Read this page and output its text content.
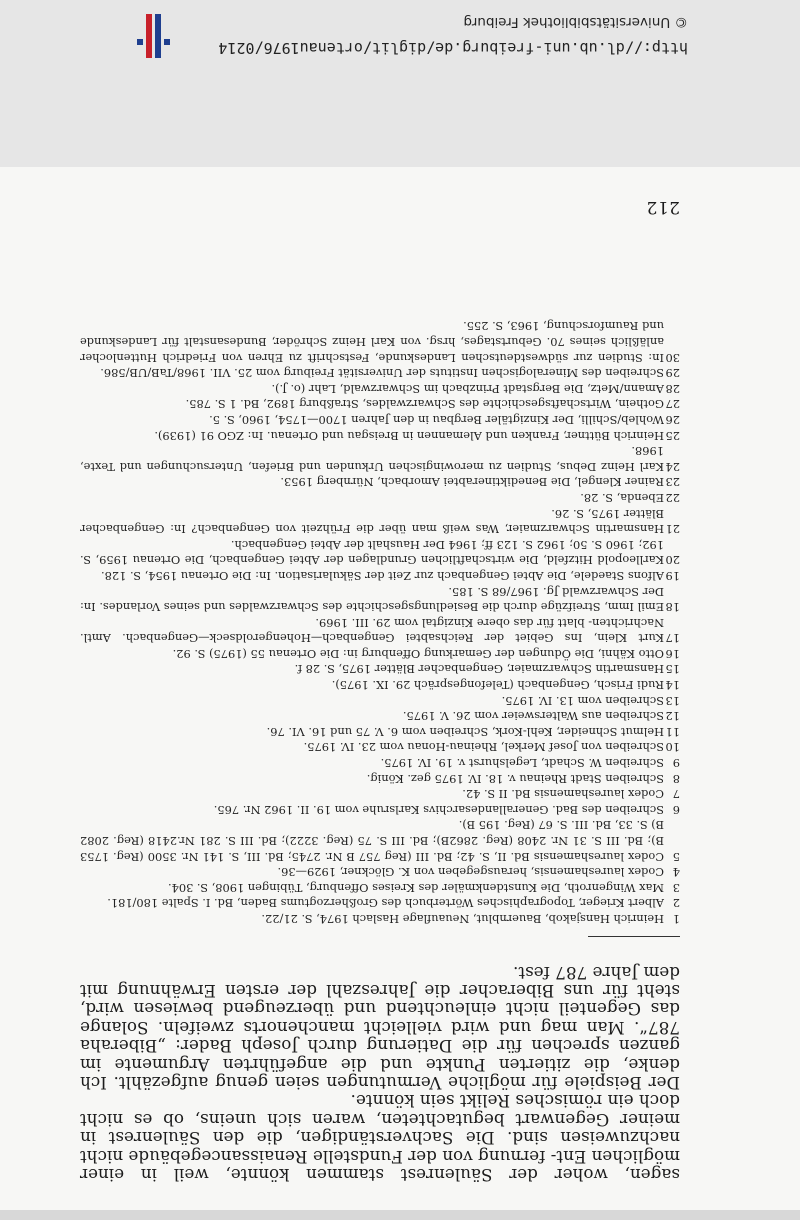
212

sagen, woher der Säulenrest stammen könnte, weil in einer möglichen Ent- fernung von der Fundstelle Renaissancegebäude nicht nachzuweisen sind. Die Sachverständigen, die den Säulenrest in meiner Gegenwart begutachteten, waren sich uneins, ob es nicht doch ein römisches Relikt sein könnte.

Der Beispiele für mögliche Vermutungen seien genug aufgezählt. Ich denke, die zitierten Punkte und die angeführten Argumente im ganzen sprechen für die Datierung durch Joseph Bader: „Biberaha 787“. Man mag und wird vielleicht manchenorts zweifeln. Solange das Gegenteil nicht einleuchtend und überzeugend bewiesen wird, steht für uns Biberacher die Jahreszahl der ersten Erwähnung mit dem Jahre 787 fest.

1Heinrich Hansjakob, Bauernblut, Neuauflage Haslach 1974, S. 21/22.
2Albert Krieger, Topographisches Wörterbuch des Großherzogtums Baden, Bd. I. Spalte 180/181.
3Max Wingenroth, Die Kunstdenkmäler des Kreises Offenburg, Tübingen 1908, S. 304.
4Codex laureshamensis, herausgegeben von K. Glöckner, 1929—36.
5Codex laureshamensis Bd. II, S. 42; Bd. III (Reg 757 B Nr. 2745; Bd. III, S. 141 Nr. 3500 (Reg. 1753 B); Bd. III S. 31 Nr. 2408 (Reg. 2862B); Bd. III S. 75 (Reg. 3222); Bd. III S. 281 Nr.2418 (Reg. 2082 B) S. 33, Bd. III. S. 67 (Reg. 195 B).
6Schreiben des Bad. Generallandesarchivs Karlsruhe vom 19. II. 1962 Nr. 765.
7Codex laureshamensis Bd. II S. 42.
8Schreiben Stadt Rheinau v. 18. IV. 1975 gez. König.
9Schreiben W. Schadt, Legelshurst v. 19. IV. 1975.
10Schreiben von Josef Merkel, Rheinau-Honau vom 23. IV. 1975.
11Helmut Schneider, Kehl-Kork, Schreiben vom 6. V. 75 und 16. VI. 76.
12Schreiben aus Waltersweier vom 26. V. 1975.
13Schreiben vom 13. IV. 1975.
14Rudi Frisch, Gengenbach (Telefongespräch 29. IX. 1975).
15Hansmartin Schwarzmaier, Gengenbacher Blätter 1975, S. 28 f.
16Otto Kähni, Die Ödungen der Gemarkung Offenburg in: Die Ortenau 55 (1975) S. 92.
17Kurt Klein, Ins Gebiet der Reichsabtei Gengenbach—Hohengeroldseck—Gengenbach. Amtl. Nachrichten- blatt für das obere Kinzigtal vom 29. III. 1969.
18Emil Imm, Streifzüge durch die Besiedlungsgeschichte des Schwarzwaldes und seines Vorlandes. In: Der Schwarzwald Jg. 1967/68 S. 185.
19Alfons Staedele, Die Abtei Gengenbach zur Zeit der Säkularisation. In: Die Ortenau 1954, S. 128.
20Karlleopold Hitzfeld, Die wirtschaftlichen Grundlagen der Abtei Gengenbach, Die Ortenau 1959, S. 192; 1960 S. 50; 1962 S. 123 ff; 1964 Der Haushalt der Abtei Gengenbach.
21Hansmartin Schwarzmaier, Was weiß man über die Frühzeit von Gengenbach? In: Gengenbacher Blätter 1975, S. 26.
22Ebenda, S. 28.
23Rainer Klengel, Die Benediktinerabtei Amorbach, Nürnberg 1953.
24Karl Heinz Debus, Studien zu merowingischen Urkunden und Briefen, Untersuchungen und Texte, 1968.
25Heinrich Büttner, Franken und Alemannen in Breisgau und Ortenau. In: ZGO 91 (1939).
26Wohleb/Schilli, Der Kinzigtäler Bergbau in den Jahren 1700—1754, 1960, S. 5.
27Gothein, Wirtschaftsgeschichte des Schwarzwaldes, Straßburg 1892, Bd. 1 S. 785.
28Amann/Metz, Die Bergstadt Prinzbach im Schwarzwald, Lahr (o. J.).
29Schreiben des Mineralogischen Instituts der Universität Freiburg vom 25. VII. 1968/TaB/UB/586.
30In: Studien zur südwestdeutschen Landeskunde, Festschrift zu Ehren von Friedrich Huttenlocher anläßlich seines 70. Geburtstages, hrsg. von Karl Heinz Schröder, Bundesanstalt für Landeskunde und Raumforschung, 1963, S. 255.
http://dl.ub.uni-freiburg.de/diglit/ortenau1976/0214
© Universitätsbibliothek Freiburg
